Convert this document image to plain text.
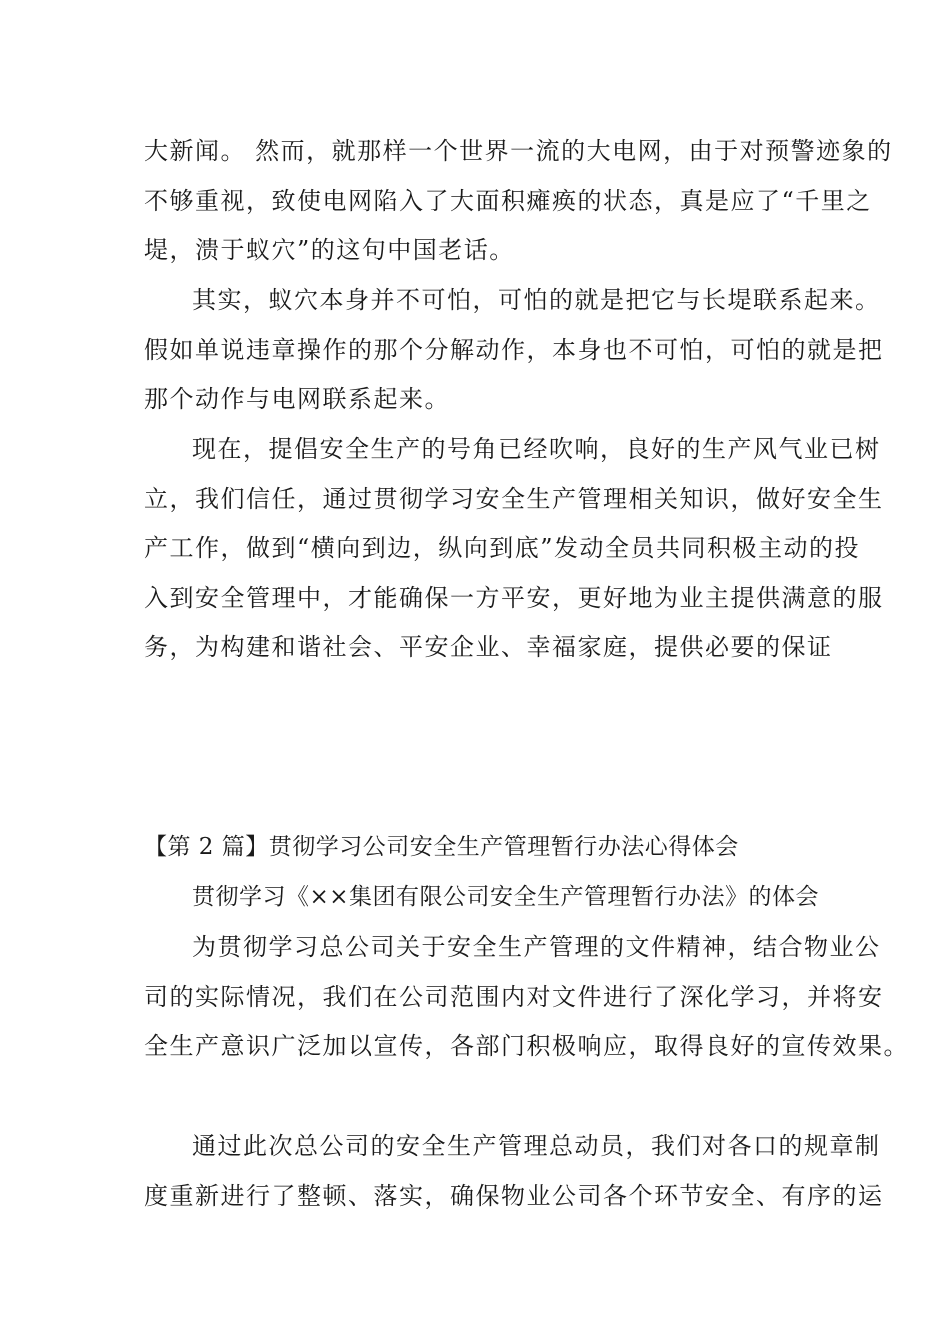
大新闻。 然而，就那样一个世界一流的大电网，由于对预警迹象的
不够重视，致使电网陷入了大面积瘫痪的状态，真是应了“千里之
堤，溃于蚁穴”的这句中国老话。
其实，蚁穴本身并不可怕，可怕的就是把它与长堤联系起来。
假如单说违章操作的那个分解动作，本身也不可怕，可怕的就是把
那个动作与电网联系起来。
现在，提倡安全生产的号角已经吹响，良好的生产风气业已树
立，我们信任，通过贯彻学习安全生产管理相关知识，做好安全生
产工作，做到“横向到边，纵向到底”发动全员共同积极主动的投
入到安全管理中，才能确保一方平安，更好地为业主提供满意的服
务，为构建和谐社会、平安企业、幸福家庭，提供必要的保证
【第 2 篇】贯彻学习公司安全生产管理暂行办法心得体会
贯彻学习《××集团有限公司安全生产管理暂行办法》的体会
为贯彻学习总公司关于安全生产管理的文件精神，结合物业公
司的实际情况，我们在公司范围内对文件进行了深化学习，并将安
全生产意识广泛加以宣传，各部门积极响应，取得良好的宣传效果。
通过此次总公司的安全生产管理总动员，我们对各口的规章制
度重新进行了整顿、落实，确保物业公司各个环节安全、有序的运
